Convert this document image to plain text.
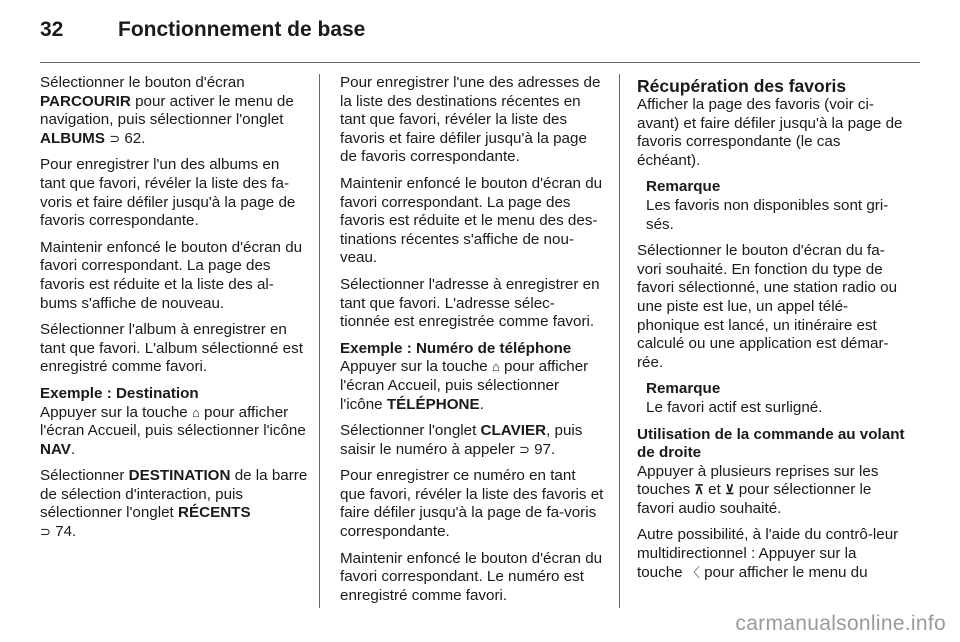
32	Fonctionnement de base

Sélectionner le bouton d'écran PARCOURIR pour activer le menu de navigation, puis sélectionner l'onglet ALBUMS ⊃ 62.

Pour enregistrer l'un des albums en tant que favori, révéler la liste des fa-voris et faire défiler jusqu'à la page de favoris correspondante.

Maintenir enfoncé le bouton d'écran du favori correspondant. La page des favoris est réduite et la liste des al-bums s'affiche de nouveau.

Sélectionner l'album à enregistrer en tant que favori. L'album sélectionné est enregistré comme favori.

Exemple : Destination

Appuyer sur la touche ⌂ pour afficher l'écran Accueil, puis sélectionner l'icône NAV.

Sélectionner DESTINATION de la barre de sélection d'interaction, puis sélectionner l'onglet RÉCENTS
⊃ 74.

Pour enregistrer l'une des adresses de la liste des destinations récentes en tant que favori, révéler la liste des favoris et faire défiler jusqu'à la page de favoris correspondante.

Maintenir enfoncé le bouton d'écran du favori correspondant. La page des favoris est réduite et le menu des des-tinations récentes s'affiche de nou-veau.

Sélectionner l'adresse à enregistrer en tant que favori. L'adresse sélec-tionnée est enregistrée comme favori.

Exemple : Numéro de téléphone

Appuyer sur la touche ⌂ pour afficher l'écran Accueil, puis sélectionner l'icône TÉLÉPHONE.

Sélectionner l'onglet CLAVIER, puis saisir le numéro à appeler ⊃ 97.

Pour enregistrer ce numéro en tant que favori, révéler la liste des favoris et faire défiler jusqu'à la page de fa-voris correspondante.

Maintenir enfoncé le bouton d'écran du favori correspondant. Le numéro est enregistré comme favori.

Récupération des favoris

Afficher la page des favoris (voir ci-avant) et faire défiler jusqu'à la page de favoris correspondante (le cas échéant).

Remarque
Les favoris non disponibles sont gri-sés.

Sélectionner le bouton d'écran du fa-vori souhaité. En fonction du type de favori sélectionné, une station radio ou une piste est lue, un appel télé-phonique est lancé, un itinéraire est calculé ou une application est démar-rée.

Remarque
Le favori actif est surligné.

Utilisation de la commande au volant de droite

Appuyer à plusieurs reprises sur les touches ⊼ et ⊻ pour sélectionner le favori audio souhaité.

Autre possibilité, à l'aide du contrô-leur multidirectionnel : Appuyer sur la touche 〈 pour afficher le menu du

carmanualsonline.info
